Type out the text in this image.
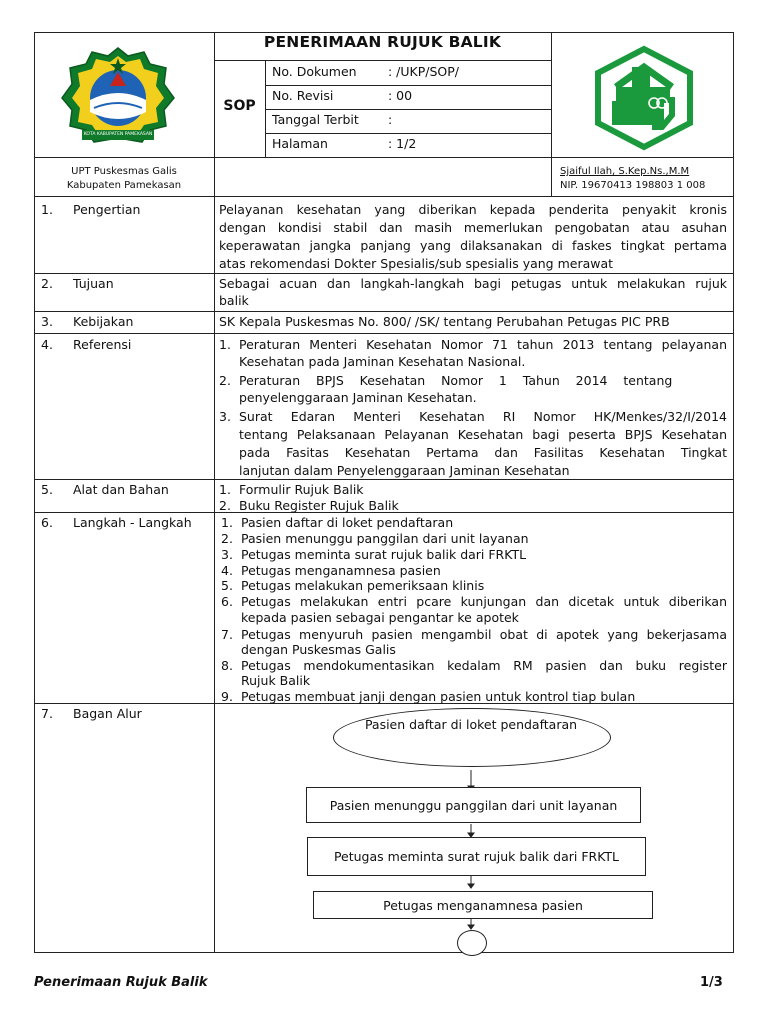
KOTA KABUPATEN PAMEKASAN
PENERIMAAN RUJUK BALIK
SOP
No. Dokumen	: /UKP/SOP/
No. Revisi	: 00
Tanggal Terbit :
Halaman	: 1/2
UPT Puskesmas Galis
Kabupaten Pamekasan
Sjaiful Ilah, S.Kep.Ns.,M.M
NIP. 19670413 198803 1 008
1. Pengertian	Pelayanan kesehatan yang diberikan kepada penderita penyakit kronis
dengan kondisi stabil dan masih memerlukan pengobatan atau asuhan
keperawatan jangka panjang yang dilaksanakan di faskes tingkat pertama
atas rekomendasi Dokter Spesialis/sub spesialis yang merawat
2. Tujuan	Sebagai acuan dan langkah-langkah bagi petugas untuk melakukan rujuk
balik
3. Kebijakan	SK Kepala Puskesmas No. 800/ /SK/ tentang Perubahan Petugas PIC PRB
4. Referensi	1. Peraturan Menteri Kesehatan Nomor 71 tahun 2013 tentang pelayanan
Kesehatan pada Jaminan Kesehatan Nasional.
2. Peraturan    BPJS    Kesehatan    Nomor    1    Tahun    2014    tentang
penyelenggaraan Jaminan Kesehatan.
3. Surat Edaran Menteri Kesehatan RI Nomor HK/Menkes/32/I/2014
tentang Pelaksanaan Pelayanan Kesehatan bagi peserta BPJS Kesehatan
pada Fasitas Kesehatan Pertama dan Fasilitas Kesehatan Tingkat
lanjutan dalam Penyelenggaraan Jaminan Kesehatan
5. Alat dan Bahan	1. Formulir Rujuk Balik
2. Buku Register Rujuk Balik
6. Langkah - Langkah 1. Pasien daftar di loket pendaftaran
2. Pasien menunggu panggilan dari unit layanan
3. Petugas meminta surat rujuk balik dari FRKTL
4. Petugas menganamnesa pasien
5. Petugas melakukan pemeriksaan klinis
6. Petugas melakukan entri pcare kunjungan dan dicetak untuk diberikan
kepada pasien sebagai pengantar ke apotek
7. Petugas menyuruh pasien mengambil obat di apotek yang bekerjasama
dengan Puskesmas Galis
8. Petugas mendokumentasikan kedalam RM pasien dan buku register
Rujuk Balik
9. Petugas membuat janji dengan pasien untuk kontrol tiap bulan
7. Bagan Alur
Pasien daftar di loket pendaftaran
Pasien menunggu panggilan dari unit layanan
Petugas meminta surat rujuk balik dari FRKTL
Petugas menganamnesa pasien
Penerimaan Rujuk Balik	1/3
